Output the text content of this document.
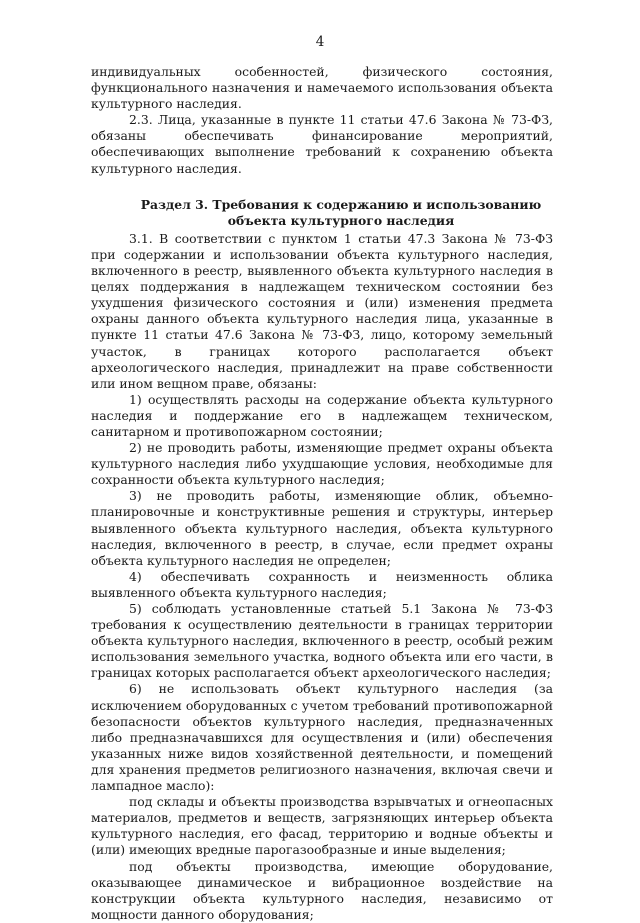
4

индивидуальных особенностей, физического состояния, функционального назначения и намечаемого использования объекта культурного наследия.

2.3. Лица, указанные в пункте 11 статьи 47.6 Закона № 73-ФЗ, обязаны обеспечивать финансирование мероприятий, обеспечивающих выполнение требований к сохранению объекта культурного наследия.

Раздел 3. Требования к содержанию и использованию
объекта культурного наследия

3.1. В соответствии с пунктом 1 статьи 47.3 Закона № 73-ФЗ при содержании и использовании объекта культурного наследия, включенного в реестр, выявленного объекта культурного наследия в целях поддержания в надлежащем техническом состоянии без ухудшения физического состояния и (или) изменения предмета охраны данного объекта культурного наследия лица, указанные в пункте 11 статьи 47.6 Закона № 73-ФЗ, лицо, которому земельный участок, в границах которого располагается объект археологического наследия, принадлежит на праве собственности или ином вещном праве, обязаны:

1) осуществлять расходы на содержание объекта культурного наследия и поддержание его в надлежащем техническом, санитарном и противопожарном состоянии;

2) не проводить работы, изменяющие предмет охраны объекта культурного наследия либо ухудшающие условия, необходимые для сохранности объекта культурного наследия;

3) не проводить работы, изменяющие облик, объемно-планировочные и конструктивные решения и структуры, интерьер выявленного объекта культурного наследия, объекта культурного наследия, включенного в реестр, в случае, если предмет охраны объекта культурного наследия не определен;

4) обеспечивать сохранность и неизменность облика выявленного объекта культурного наследия;

5) соблюдать установленные статьей 5.1 Закона № 73-ФЗ требования к осуществлению деятельности в границах территории объекта культурного наследия, включенного в реестр, особый режим использования земельного участка, водного объекта или его части, в границах которых располагается объект археологического наследия;

6) не использовать объект культурного наследия (за исключением оборудованных с учетом требований противопожарной безопасности объектов культурного наследия, предназначенных либо предназначавшихся для осуществления и (или) обеспечения указанных ниже видов хозяйственной деятельности, и помещений для хранения предметов религиозного назначения, включая свечи и лампадное масло):

под склады и объекты производства взрывчатых и огнеопасных материалов, предметов и веществ, загрязняющих интерьер объекта культурного наследия, его фасад, территорию и водные объекты и (или) имеющих вредные парогазообразные и иные выделения;

под объекты производства, имеющие оборудование, оказывающее динамическое и вибрационное воздействие на конструкции объекта культурного наследия, независимо от мощности данного оборудования;
